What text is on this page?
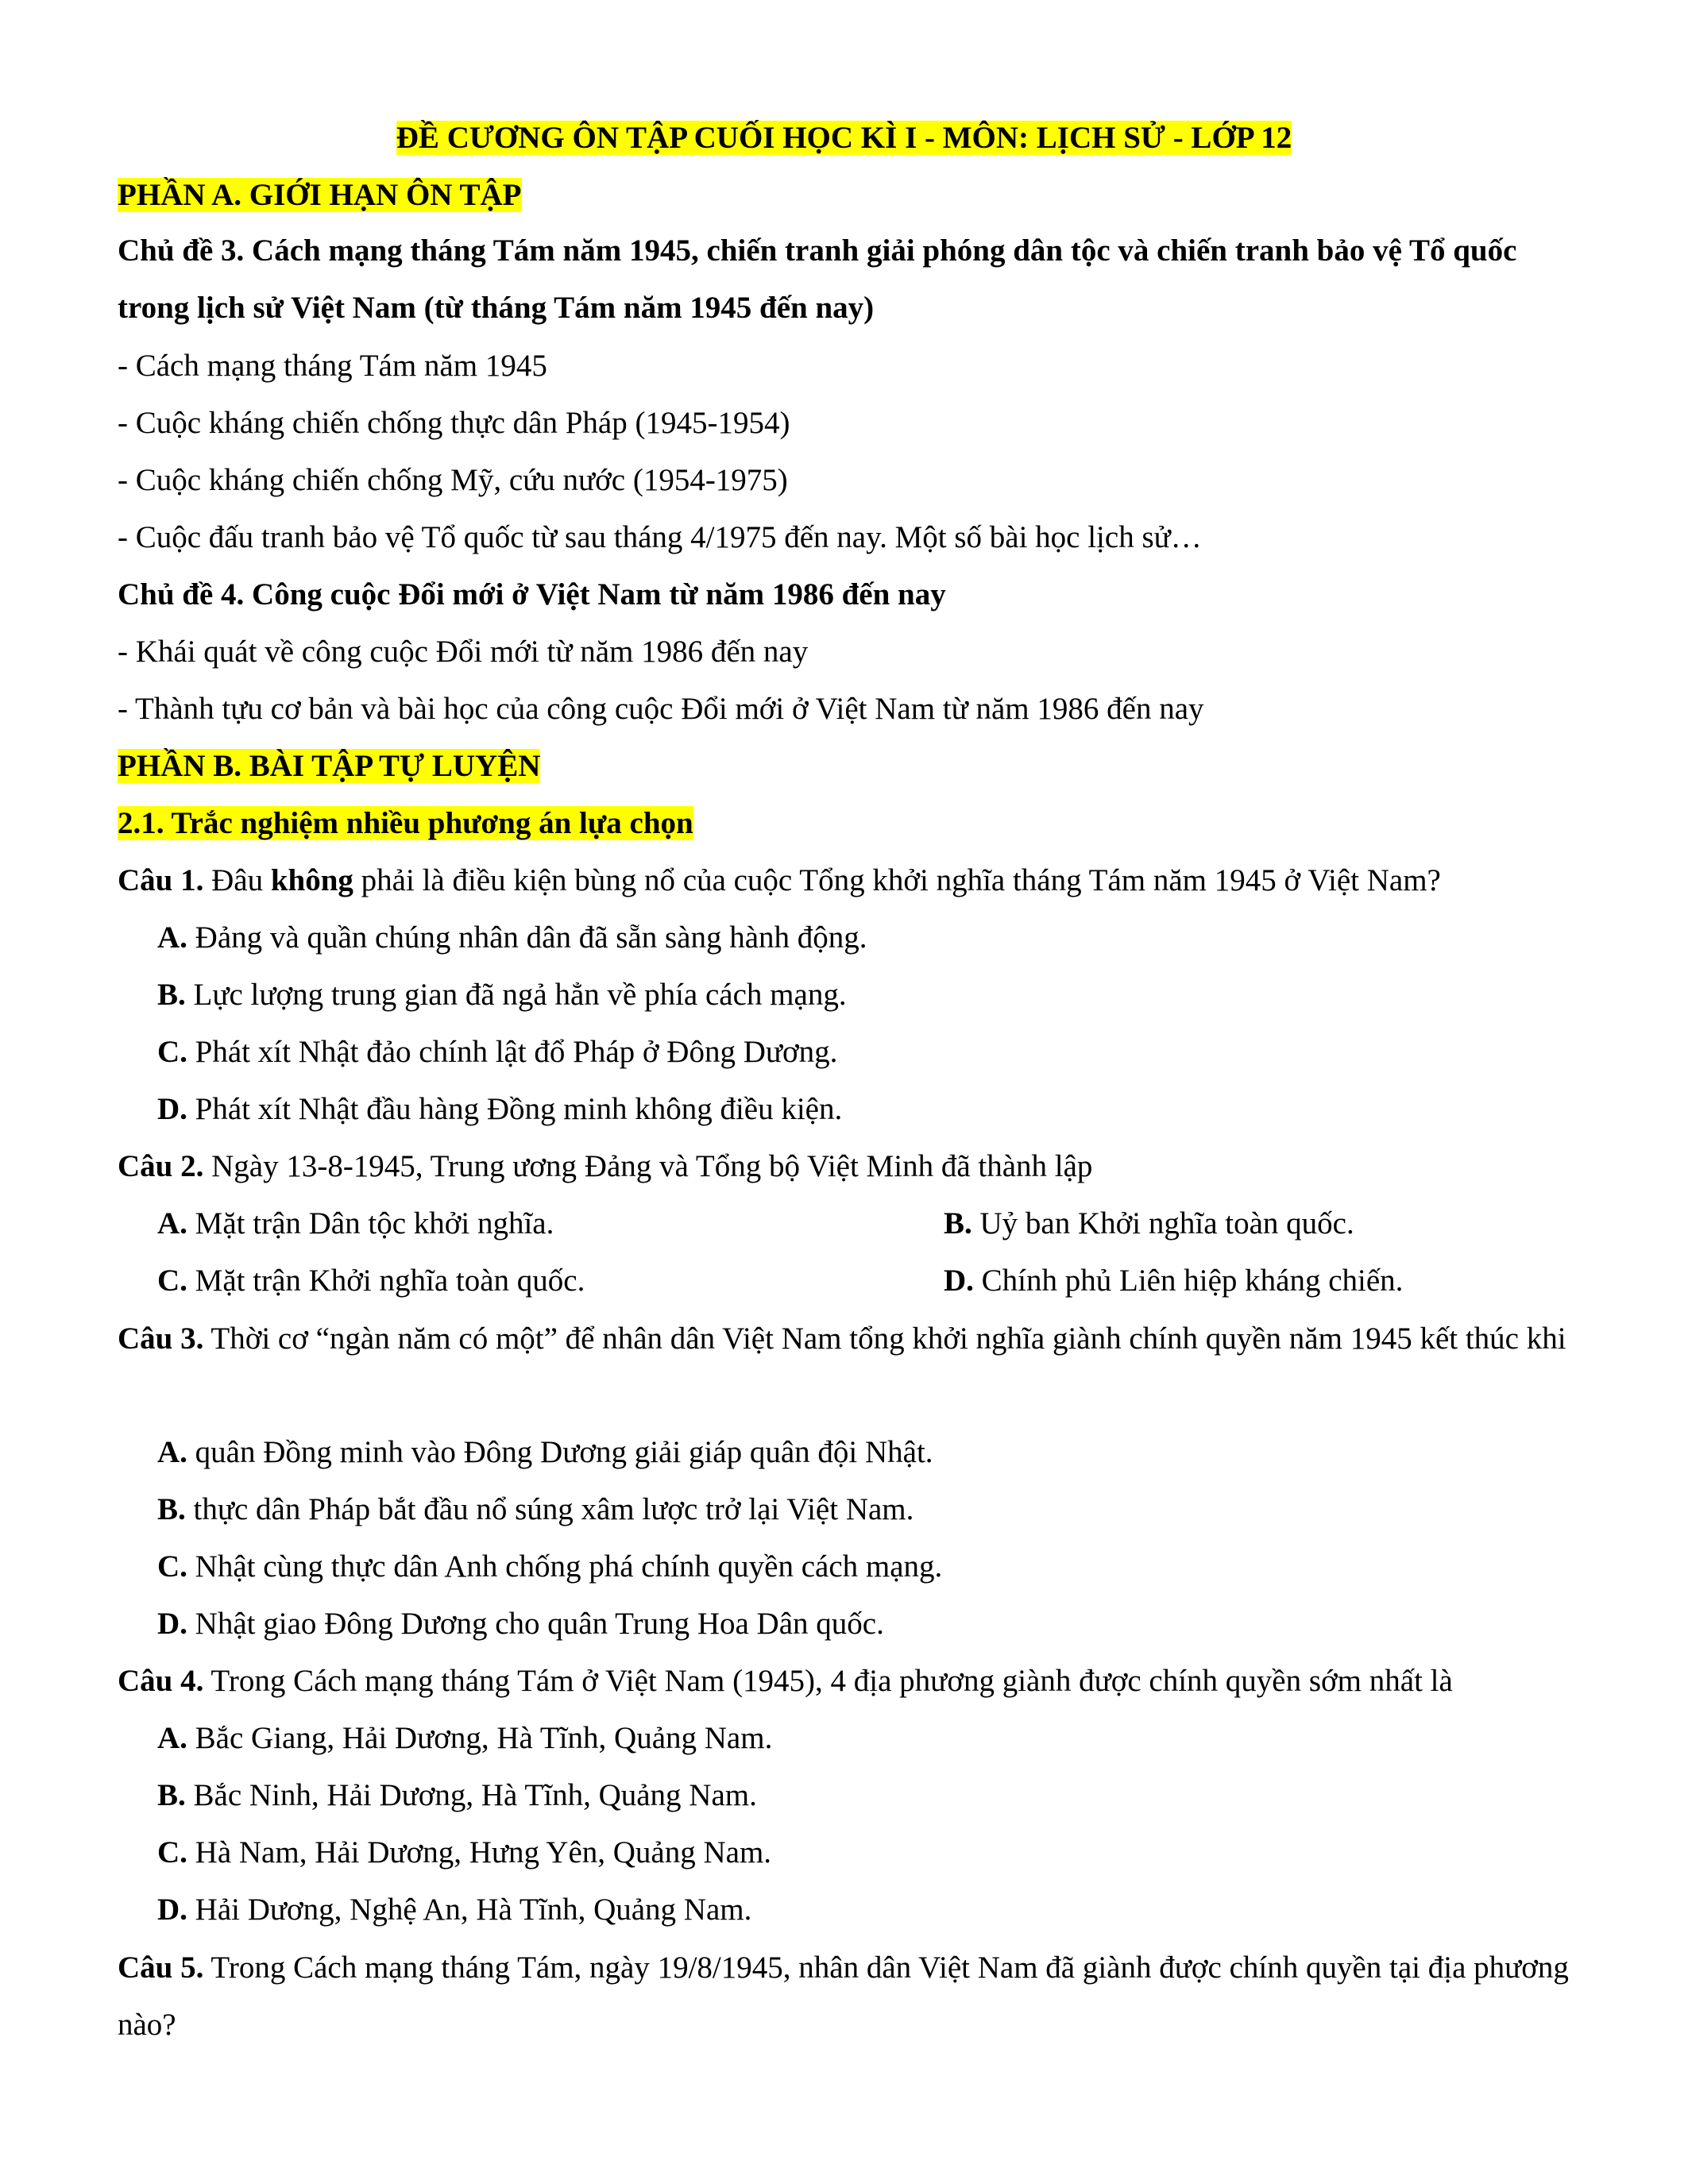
ĐỀ CƯƠNG ÔN TẬP CUỐI HỌC KÌ I - MÔN: LỊCH SỬ - LỚP 12
PHẦN A. GIỚI HẠN ÔN TẬP
Chủ đề 3. Cách mạng tháng Tám năm 1945, chiến tranh giải phóng dân tộc và chiến tranh bảo vệ Tổ quốc trong lịch sử Việt Nam (từ tháng Tám năm 1945 đến nay)
- Cách mạng tháng Tám năm 1945
- Cuộc kháng chiến chống thực dân Pháp (1945-1954)
- Cuộc kháng chiến chống Mỹ, cứu nước (1954-1975)
- Cuộc đấu tranh bảo vệ Tổ quốc từ sau tháng 4/1975 đến nay. Một số bài học lịch sử…
Chủ đề 4. Công cuộc Đổi mới ở Việt Nam từ năm 1986 đến nay
- Khái quát về công cuộc Đổi mới từ năm 1986 đến nay
- Thành tựu cơ bản và bài học của công cuộc Đổi mới ở Việt Nam từ năm 1986 đến nay
PHẦN B. BÀI TẬP TỰ LUYỆN
2.1. Trắc nghiệm nhiều phương án lựa chọn
Câu 1. Đâu không phải là điều kiện bùng nổ của cuộc Tổng khởi nghĩa tháng Tám năm 1945 ở Việt Nam?
A. Đảng và quần chúng nhân dân đã sẵn sàng hành động.
B. Lực lượng trung gian đã ngả hẳn về phía cách mạng.
C. Phát xít Nhật đảo chính lật đổ Pháp ở Đông Dương.
D. Phát xít Nhật đầu hàng Đồng minh không điều kiện.
Câu 2. Ngày 13-8-1945, Trung ương Đảng và Tổng bộ Việt Minh đã thành lập
A. Mặt trận Dân tộc khởi nghĩa.	B. Uỷ ban Khởi nghĩa toàn quốc.
C. Mặt trận Khởi nghĩa toàn quốc.	D. Chính phủ Liên hiệp kháng chiến.
Câu 3. Thời cơ “ngàn năm có một” để nhân dân Việt Nam tổng khởi nghĩa giành chính quyền năm 1945 kết thúc khi
A. quân Đồng minh vào Đông Dương giải giáp quân đội Nhật.
B. thực dân Pháp bắt đầu nổ súng xâm lược trở lại Việt Nam.
C. Nhật cùng thực dân Anh chống phá chính quyền cách mạng.
D. Nhật giao Đông Dương cho quân Trung Hoa Dân quốc.
Câu 4. Trong Cách mạng tháng Tám ở Việt Nam (1945), 4 địa phương giành được chính quyền sớm nhất là
A. Bắc Giang, Hải Dương, Hà Tĩnh, Quảng Nam.
B. Bắc Ninh, Hải Dương, Hà Tĩnh, Quảng Nam.
C. Hà Nam, Hải Dương, Hưng Yên, Quảng Nam.
D. Hải Dương, Nghệ An, Hà Tĩnh, Quảng Nam.
Câu 5. Trong Cách mạng tháng Tám, ngày 19/8/1945, nhân dân Việt Nam đã giành được chính quyền tại địa phương nào?
